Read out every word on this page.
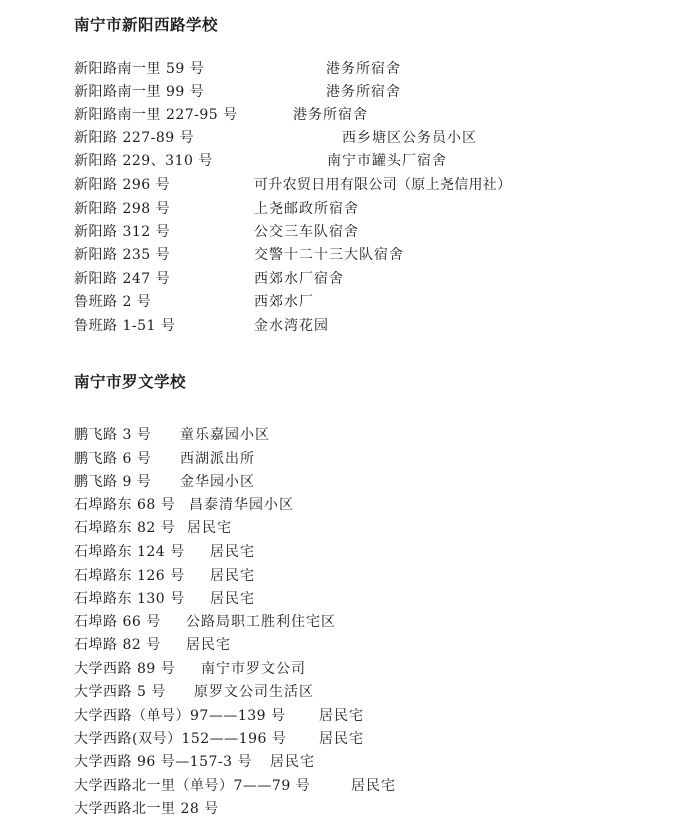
南宁市新阳西路学校
新阳路南一里 59 号	港务所宿舍
新阳路南一里 99 号	港务所宿舍
新阳路南一里 227-95 号	港务所宿舍
新阳路 227-89 号	西乡塘区公务员小区
新阳路 229、310 号	南宁市罐头厂宿舍
新阳路 296 号	可升农贸日用有限公司（原上尧信用社）
新阳路 298 号	上尧邮政所宿舍
新阳路 312 号	公交三车队宿舍
新阳路 235 号	交警十二十三大队宿舍
新阳路 247 号	西郊水厂宿舍
鲁班路 2 号	西郊水厂
鲁班路 1-51 号	金水湾花园
南宁市罗文学校
鹏飞路 3 号 童乐嘉园小区
鹏飞路 6 号 西湖派出所
鹏飞路 9 号 金华园小区
石埠路东 68 号 昌泰清华园小区
石埠路东 82 号 居民宅
石埠路东 124 号 居民宅
石埠路东 126 号 居民宅
石埠路东 130 号 居民宅
石埠路 66 号 公路局职工胜利住宅区
石埠路 82 号 居民宅
大学西路 89 号 南宁市罗文公司
大学西路 5 号 原罗文公司生活区
大学西路（单号）97——139 号 居民宅
大学西路(双号）152——196 号 居民宅
大学西路 96 号—157-3 号 居民宅
大学西路北一里（单号）7——79 号	居民宅
大学西路北一里 28 号
